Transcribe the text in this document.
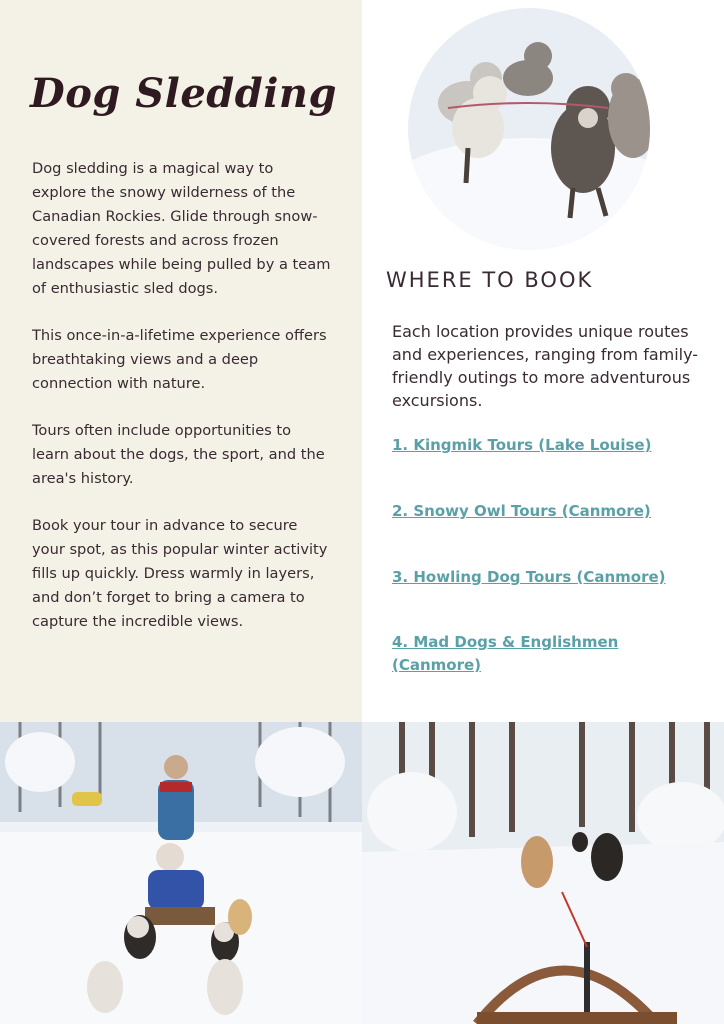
Dog Sledding

Dog sledding is a magical way to explore the snowy wilderness of the Canadian Rockies. Glide through snow-covered forests and across frozen landscapes while being pulled by a team of enthusiastic sled dogs.

This once-in-a-lifetime experience offers breathtaking views and a deep connection with nature.

Tours often include opportunities to learn about the dogs, the sport, and the area's history.

Book your tour in advance to secure your spot, as this popular winter activity fills up quickly. Dress warmly in layers, and don’t forget to bring a camera to capture the incredible views.

WHERE TO BOOK

Each location provides unique routes and experiences, ranging from family-friendly outings to more adventurous excursions.

1. Kingmik Tours (Lake Louise)
2. Snowy Owl Tours (Canmore)
3. Howling Dog Tours (Canmore)
4. Mad Dogs & Englishmen (Canmore)
